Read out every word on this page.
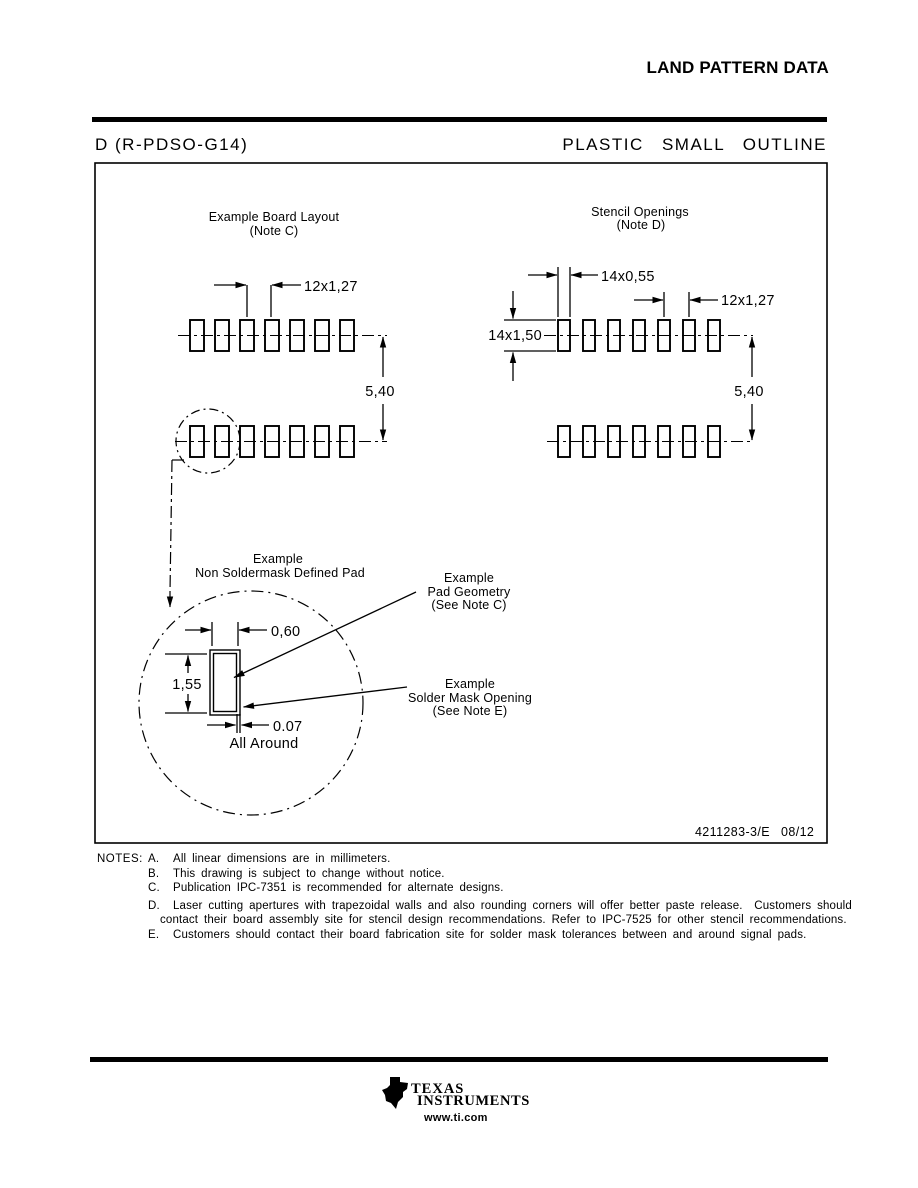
LAND PATTERN DATA
D (R-PDSO-G14)	PLASTIC SMALL OUTLINE
Example Board Layout
(Note C)
12x1,27
5,40
Stencil Openings
(Note D)
14x0,55
14x1,50
12x1,27
5,40
Example
Non Soldermask Defined Pad
0,60
1,55
0.07
All Around
Example
Pad Geometry
(See Note C)
Example
Solder Mask Opening
(See Note E)
4211283-3/E 08/12
NOTES: A.	All linear dimensions are in millimeters.
B.	This drawing is subject to change without notice.
C.	Publication IPC-7351 is recommended for alternate designs.
D.	Laser cutting apertures with trapezoidal walls and also rounding corners will offer better paste release.  Customers should
contact their board assembly site for stencil design recommendations. Refer to IPC-7525 for other stencil recommendations.
E.	Customers should contact their board fabrication site for solder mask tolerances between and around signal pads.
ti TEXAS
INSTRUMENTS
www.ti.com
